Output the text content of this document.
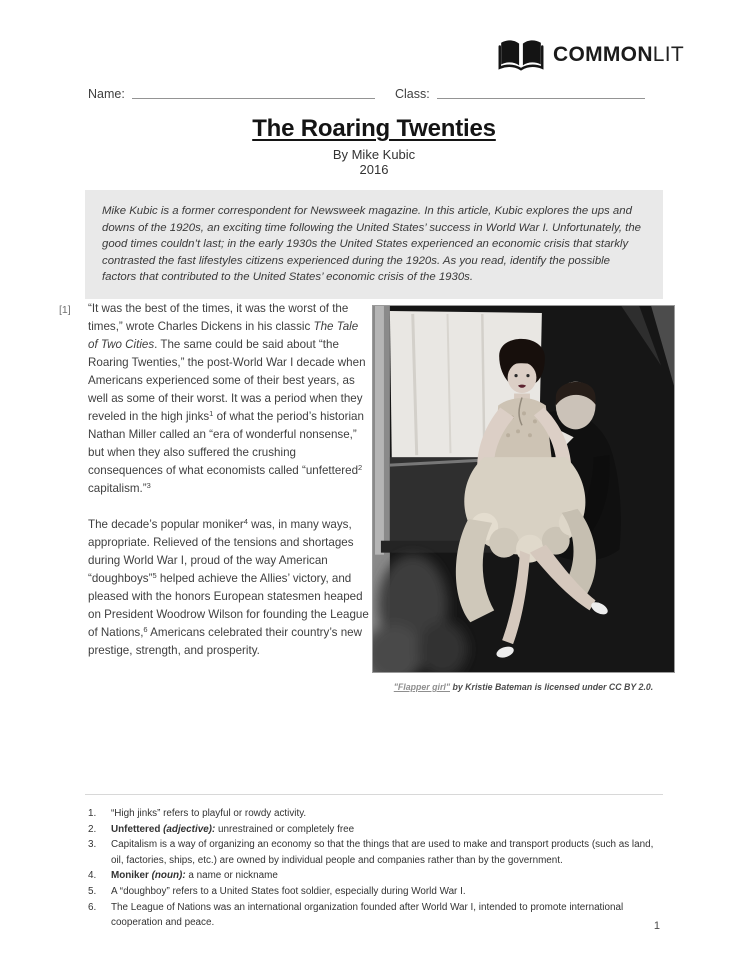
COMMONLIT
Name:	Class:
The Roaring Twenties
By Mike Kubic
2016
Mike Kubic is a former correspondent for Newsweek magazine. In this article, Kubic explores the ups and downs of the 1920s, an exciting time following the United States’ success in World War I. Unfortunately, the good times couldn’t last; in the early 1930s the United States experienced an economic crisis that starkly contrasted the fast lifestyles citizens experienced during the 1920s. As you read, identify the possible factors that contributed to the United States’ economic crisis of the 1930s.
[1] “It was the best of the times, it was the worst of the times,” wrote Charles Dickens in his classic The Tale of Two Cities. The same could be said about “the Roaring Twenties,” the post-World War I decade when Americans experienced some of their best years, as well as some of their worst. It was a period when they reveled in the high jinks$^1$ of what the period’s historian Nathan Miller called an “era of wonderful nonsense,” but when they also suffered the crushing consequences of what economists called “unfettered$^2$ capitalism.”$^3$

The decade’s popular moniker$^4$ was, in many ways, appropriate. Relieved of the tensions and shortages during World War I, proud of the way American “doughboys”$^5$ helped achieve the Allies’ victory, and pleased with the honors European statesmen heaped on President Woodrow Wilson for founding the League of Nations,$^6$ Americans celebrated their country’s new prestige, strength, and prosperity.

"Flapper girl" by Kristie Bateman is licensed under CC BY 2.0.
1.	“High jinks” refers to playful or rowdy activity.
2.	Unfettered (adjective): unrestrained or completely free
3.	Capitalism is a way of organizing an economy so that the things that are used to make and transport products (such as land, oil, factories, ships, etc.) are owned by individual people and companies rather than by the government.
4.	Moniker (noun): a name or nickname
5.	A “doughboy” refers to a United States foot soldier, especially during World War I.
6.	The League of Nations was an international organization founded after World War I, intended to promote international cooperation and peace.	1
